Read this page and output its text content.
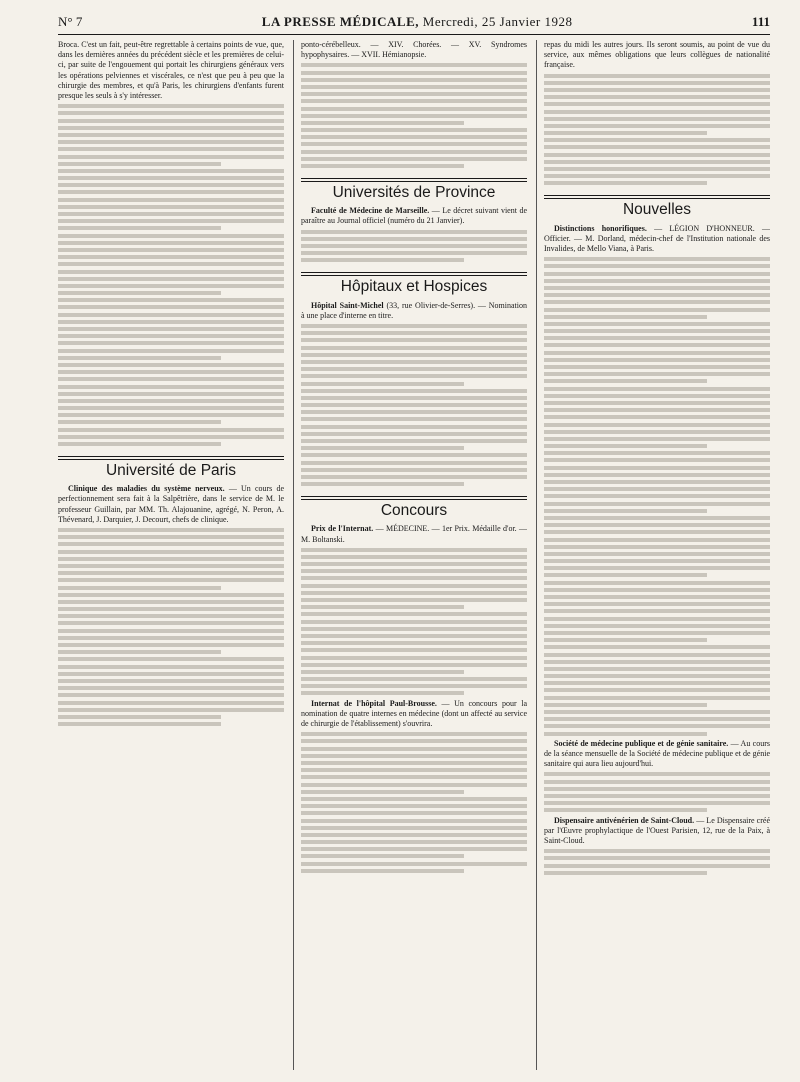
N° 7	LA PRESSE MÉDICALE, Mercredi, 25 Janvier 1928	111

Broca. C'est un fait, peut-être regrettable à certains points de vue, que, dans les dernières années du précédent siècle et les premières de celui-ci, par suite de l'engouement qui portait les chirurgiens généraux vers les opérations pelviennes et viscérales, ce n'est que peu à peu que la chirurgie des membres, et qu'à Paris, les chirurgiens d'enfants furent presque les seuls à s'y intéresser.

Université de Paris

Clinique des maladies du système nerveux. — Un cours de perfectionnement sera fait à la Salpêtrière, dans le service de M. le professeur Guillain, par MM. Th. Alajouanine, agrégé, N. Peron, A. Thévenard, J. Darquier, J. Decourt, chefs de clinique.

ponto-cérébelleux. — XIV. Chorées. — XV. Syndromes hypophysaires. — XVII. Hémianopsie.

Universités de Province

Faculté de Médecine de Marseille. — Le décret suivant vient de paraître au Journal officiel (numéro du 21 Janvier).

Hôpitaux et Hospices

Hôpital Saint-Michel (33, rue Olivier-de-Serres). — Nomination à une place d'interne en titre.

Concours

Prix de l'Internat. — MÉDECINE. — 1er Prix. Médaille d'or. — M. Boltanski.

Internat de l'hôpital Paul-Brousse. — Un concours pour la nomination de quatre internes en médecine (dont un affecté au service de chirurgie de l'établissement) s'ouvrira.

repas du midi les autres jours. Ils seront soumis, au point de vue du service, aux mêmes obligations que leurs collègues de nationalité française.

Nouvelles

Distinctions honorifiques. — LÉGION D'HONNEUR. — Officier. — M. Dorland, médecin-chef de l'Institution nationale des Invalides, de Mello Viana, à Paris.

Société de médecine publique et de génie sanitaire. — Au cours de la séance mensuelle de la Société de médecine publique et de génie sanitaire qui aura lieu aujourd'hui.

Dispensaire antivénérien de Saint-Cloud. — Le Dispensaire créé par l'Œuvre prophylactique de l'Ouest Parisien, 12, rue de la Paix, à Saint-Cloud.
